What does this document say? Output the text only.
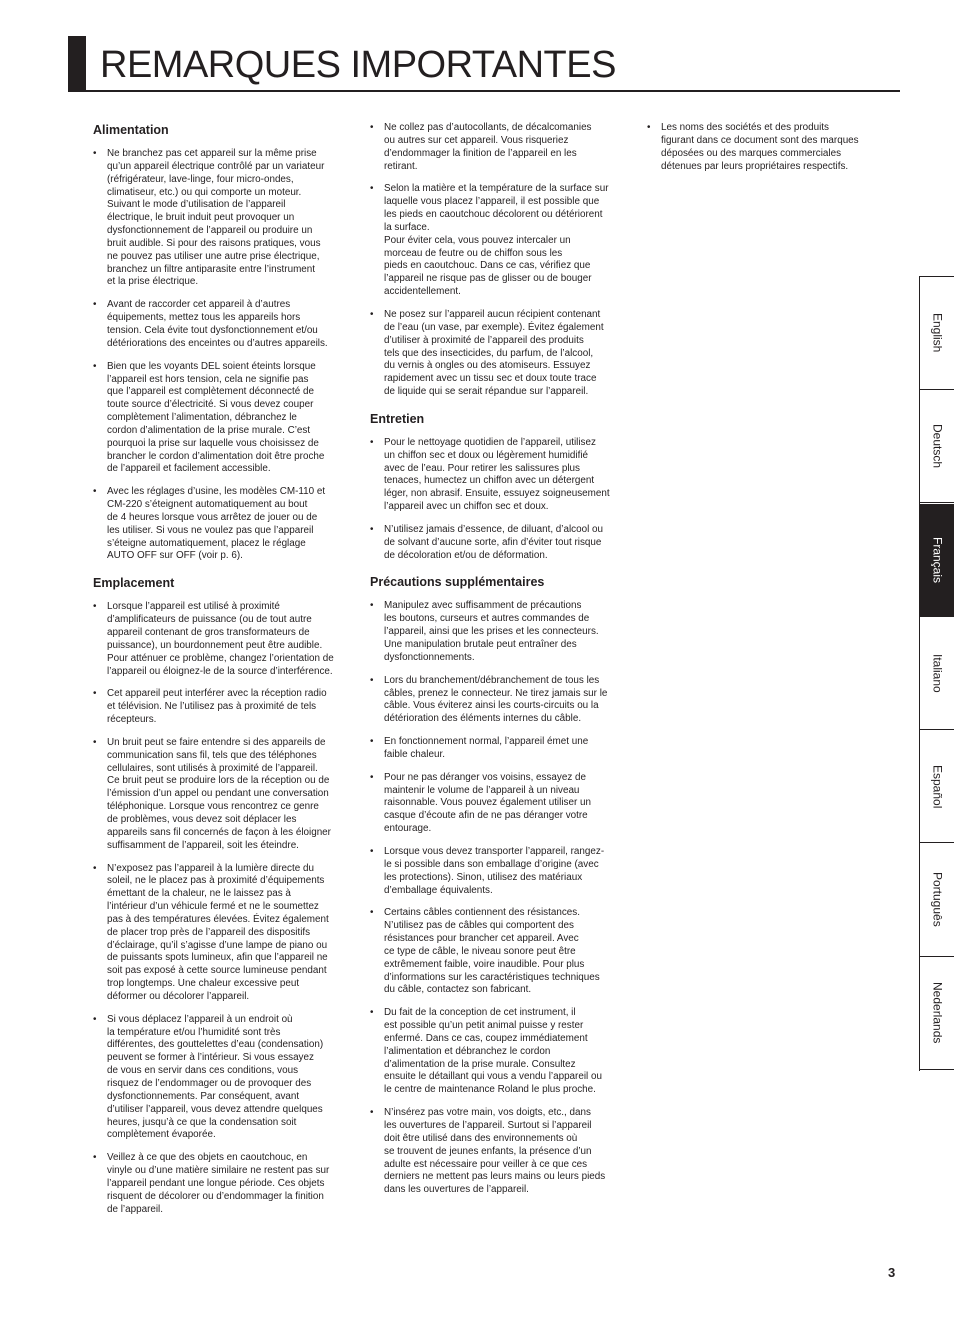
REMARQUES IMPORTANTES
Alimentation
•	Ne branchez pas cet appareil sur la même prise
qu’un appareil électrique contrôlé par un variateur
(réfrigérateur, lave-linge, four micro-ondes,
climatiseur, etc.) ou qui comporte un moteur.
Suivant le mode d’utilisation de l’appareil
électrique, le bruit induit peut provoquer un
dysfonctionnement de l’appareil ou produire un
bruit audible. Si pour des raisons pratiques, vous
ne pouvez pas utiliser une autre prise électrique,
branchez un filtre antiparasite entre l’instrument
et la prise électrique.
•	Avant de raccorder cet appareil à d’autres
équipements, mettez tous les appareils hors
tension. Cela évite tout dysfonctionnement et/ou
détériorations des enceintes ou d’autres appareils.
•	Bien que les voyants DEL soient éteints lorsque
l’appareil est hors tension, cela ne signifie pas
que l’appareil est complètement déconnecté de
toute source d’électricité. Si vous devez couper
complètement l’alimentation, débranchez le
cordon d’alimentation de la prise murale. C’est
pourquoi la prise sur laquelle vous choisissez de
brancher le cordon d’alimentation doit être proche
de l’appareil et facilement accessible.
•	Avec les réglages d’usine, les modèles CM-110 et
CM-220 s’éteignent automatiquement au bout
de 4 heures lorsque vous arrêtez de jouer ou de
les utiliser. Si vous ne voulez pas que l’appareil
s’éteigne automatiquement, placez le réglage
AUTO OFF sur OFF (voir p. 6).
Emplacement
•	Lorsque l’appareil est utilisé à proximité
d’amplificateurs de puissance (ou de tout autre
appareil contenant de gros transformateurs de
puissance), un bourdonnement peut être audible.
Pour atténuer ce problème, changez l’orientation de
l’appareil ou éloignez-le de la source d’interférence.
•	Cet appareil peut interférer avec la réception radio
et télévision. Ne l’utilisez pas à proximité de tels
récepteurs.
•	Un bruit peut se faire entendre si des appareils de
communication sans fil, tels que des téléphones
cellulaires, sont utilisés à proximité de l’appareil.
Ce bruit peut se produire lors de la réception ou de
l’émission d’un appel ou pendant une conversation
téléphonique. Lorsque vous rencontrez ce genre
de problèmes, vous devez soit déplacer les
appareils sans fil concernés de façon à les éloigner
suffisamment de l’appareil, soit les éteindre.
•	N’exposez pas l’appareil à la lumière directe du
soleil, ne le placez pas à proximité d’équipements
émettant de la chaleur, ne le laissez pas à
l’intérieur d’un véhicule fermé et ne le soumettez
pas à des températures élevées. Évitez également
de placer trop près de l’appareil des dispositifs
d’éclairage, qu’il s’agisse d’une lampe de piano ou
de puissants spots lumineux, afin que l’appareil ne
soit pas exposé à cette source lumineuse pendant
trop longtemps. Une chaleur excessive peut
déformer ou décolorer l’appareil.
•	Si vous déplacez l’appareil à un endroit où
la température et/ou l’humidité sont très
différentes, des gouttelettes d’eau (condensation)
peuvent se former à l’intérieur. Si vous essayez
de vous en servir dans ces conditions, vous
risquez de l’endommager ou de provoquer des
dysfonctionnements. Par conséquent, avant
d’utiliser l’appareil, vous devez attendre quelques
heures, jusqu’à ce que la condensation soit
complètement évaporée.
•	Veillez à ce que des objets en caoutchouc, en
vinyle ou d’une matière similaire ne restent pas sur
l’appareil pendant une longue période. Ces objets
risquent de décolorer ou d’endommager la finition
de l’appareil.
•	Ne collez pas d’autocollants, de décalcomanies
ou autres sur cet appareil. Vous risqueriez
d’endommager la finition de l’appareil en les
retirant.
•	Selon la matière et la température de la surface sur
laquelle vous placez l’appareil, il est possible que
les pieds en caoutchouc décolorent ou détériorent
la surface.
Pour éviter cela, vous pouvez intercaler un
morceau de feutre ou de chiffon sous les
pieds en caoutchouc. Dans ce cas, vérifiez que
l’appareil ne risque pas de glisser ou de bouger
accidentellement.
•	Ne posez sur l’appareil aucun récipient contenant
de l’eau (un vase, par exemple). Évitez également
d’utiliser à proximité de l’appareil des produits
tels que des insecticides, du parfum, de l’alcool,
du vernis à ongles ou des atomiseurs. Essuyez
rapidement avec un tissu sec et doux toute trace
de liquide qui se serait répandue sur l’appareil.
Entretien
•	Pour le nettoyage quotidien de l’appareil, utilisez
un chiffon sec et doux ou légèrement humidifié
avec de l’eau. Pour retirer les salissures plus
tenaces, humectez un chiffon avec un détergent
léger, non abrasif. Ensuite, essuyez soigneusement
l’appareil avec un chiffon sec et doux.
•	N’utilisez jamais d’essence, de diluant, d’alcool ou
de solvant d’aucune sorte, afin d’éviter tout risque
de décoloration et/ou de déformation.
Précautions supplémentaires
•	Manipulez avec suffisamment de précautions
les boutons, curseurs et autres commandes de
l’appareil, ainsi que les prises et les connecteurs.
Une manipulation brutale peut entraîner des
dysfonctionnements.
•	Lors du branchement/débranchement de tous les
câbles, prenez le connecteur. Ne tirez jamais sur le
câble. Vous éviterez ainsi les courts-circuits ou la
détérioration des éléments internes du câble.
•	En fonctionnement normal, l’appareil émet une
faible chaleur.
•	Pour ne pas déranger vos voisins, essayez de
maintenir le volume de l’appareil à un niveau
raisonnable. Vous pouvez également utiliser un
casque d’écoute afin de ne pas déranger votre
entourage.
•	Lorsque vous devez transporter l’appareil, rangez-
le si possible dans son emballage d’origine (avec
les protections). Sinon, utilisez des matériaux
d’emballage équivalents.
•	Certains câbles contiennent des résistances.
N’utilisez pas de câbles qui comportent des
résistances pour brancher cet appareil. Avec
ce type de câble, le niveau sonore peut être
extrêmement faible, voire inaudible. Pour plus
d’informations sur les caractéristiques techniques
du câble, contactez son fabricant.
•	Du fait de la conception de cet instrument, il
est possible qu’un petit animal puisse y rester
enfermé. Dans ce cas, coupez immédiatement
l’alimentation et débranchez le cordon
d’alimentation de la prise murale. Consultez
ensuite le détaillant qui vous a vendu l’appareil ou
le centre de maintenance Roland le plus proche.
•	N’insérez pas votre main, vos doigts, etc., dans
les ouvertures de l’appareil. Surtout si l’appareil
doit être utilisé dans des environnements où
se trouvent de jeunes enfants, la présence d’un
adulte est nécessaire pour veiller à ce que ces
derniers ne mettent pas leurs mains ou leurs pieds
dans les ouvertures de l’appareil.
•	Les noms des sociétés et des produits
figurant dans ce document sont des marques
déposées ou des marques commerciales
détenues par leurs propriétaires respectifs.
English
Deutsch
Français
Italiano
Español
Português
Nederlands
3
